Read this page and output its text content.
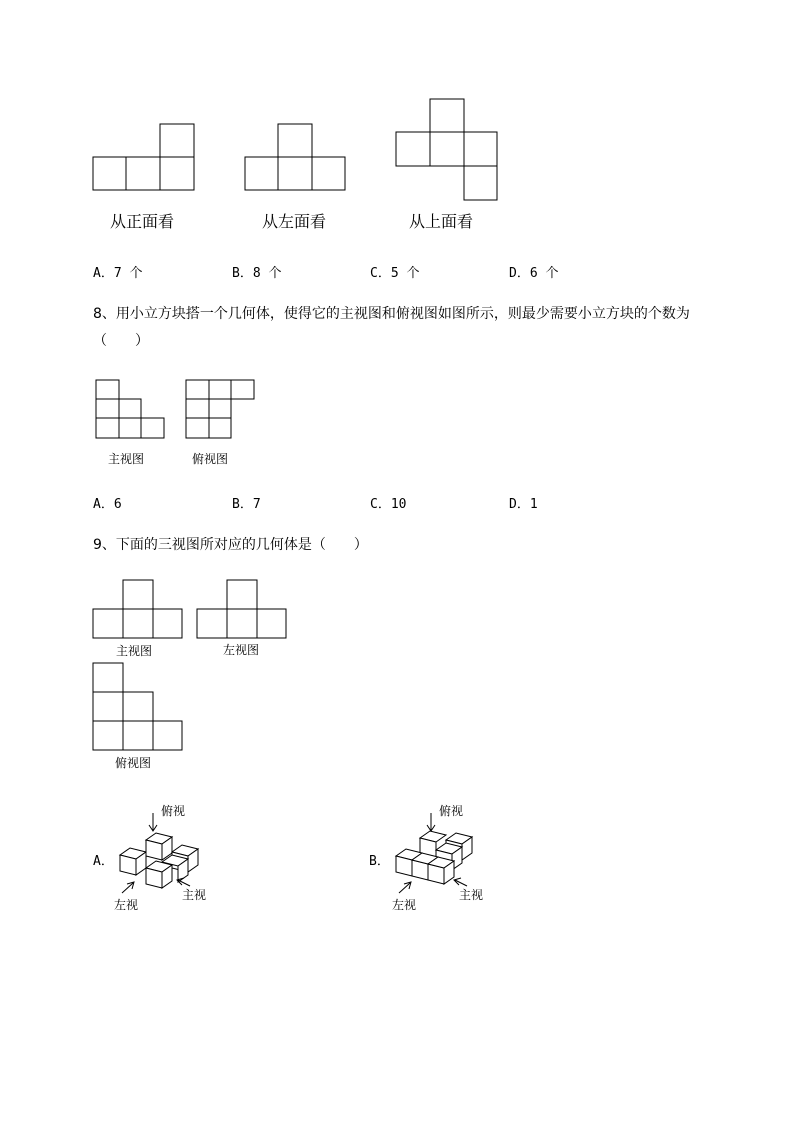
从正面看	从左面看	从上面看
A．7 个	B．8 个	C．5 个	D．6 个
8、用小立方块搭一个几何体，使得它的主视图和俯视图如图所示，则最少需要小立方块的个数为
（　　）
主视图	俯视图
A．6	B．7	C．10	D．1
9、下面的三视图所对应的几何体是（　　）
主视图	左视图
俯视图
A．
俯视
左视
主视
B．
俯视
左视
主视
